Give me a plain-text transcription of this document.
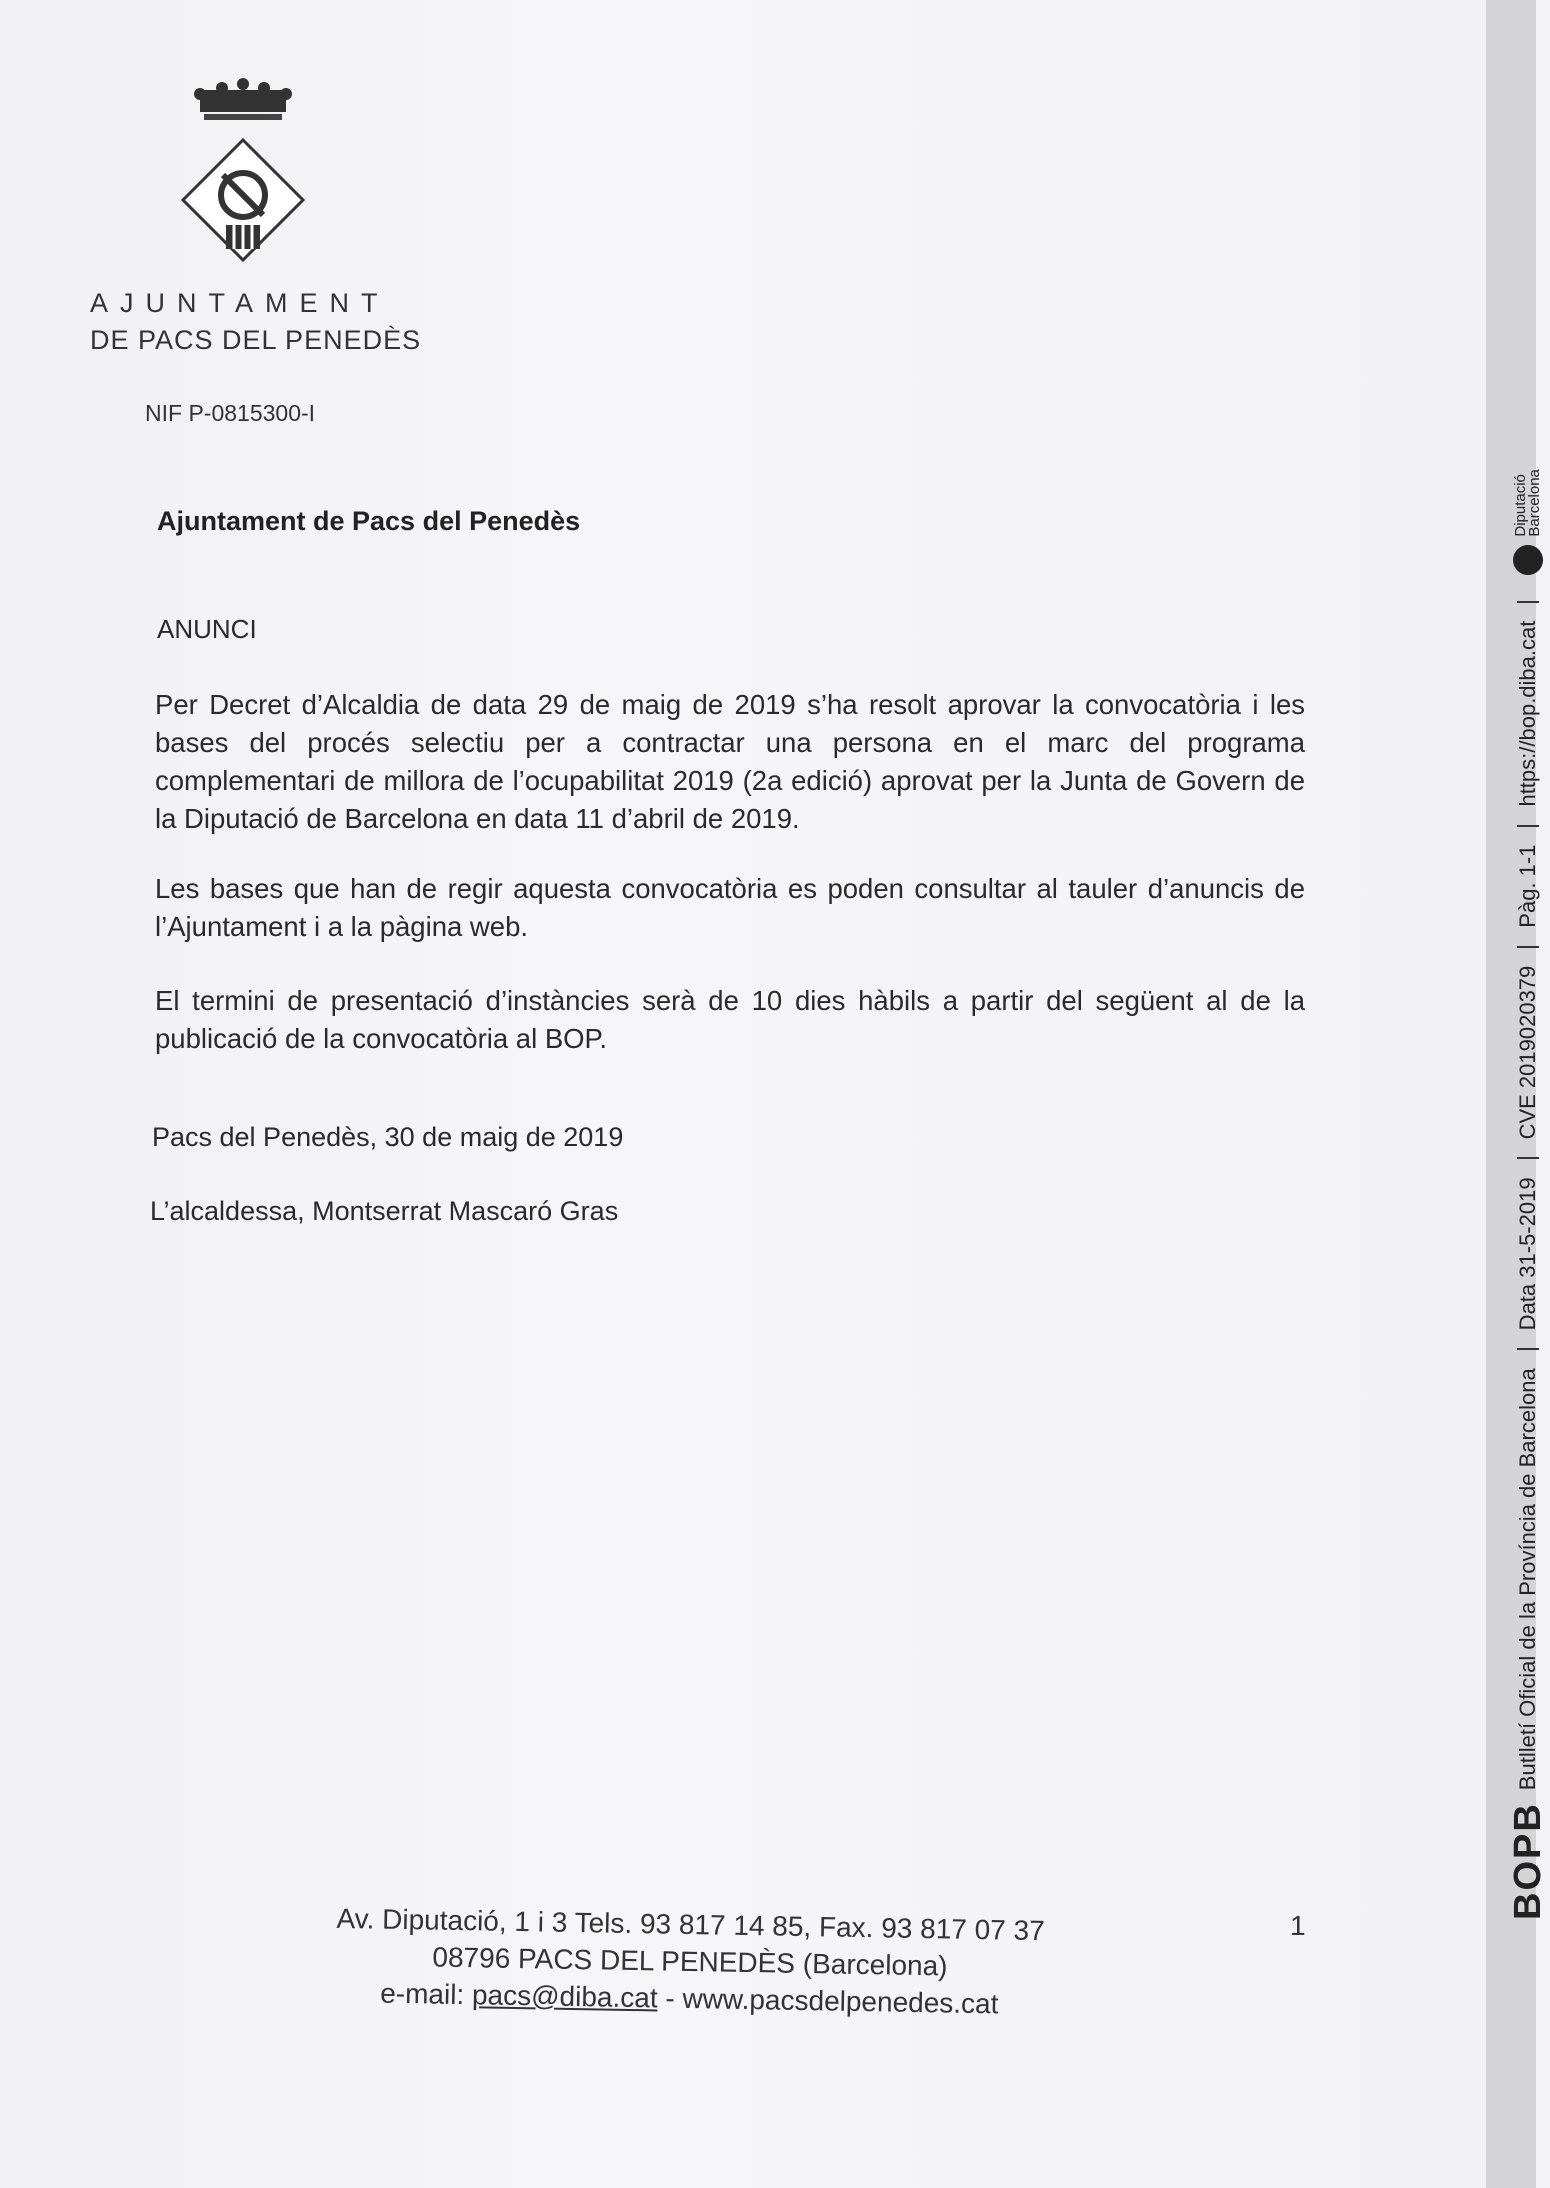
AJUNTAMENT
DE PACS DEL PENEDÈS
NIF P-0815300-I
Ajuntament de Pacs del Penedès
ANUNCI
Per Decret d’Alcaldia de data 29 de maig de 2019 s’ha resolt aprovar la convocatòria i les bases del procés selectiu per a contractar una persona en el marc del programa complementari de millora de l’ocupabilitat 2019 (2a edició) aprovat per la Junta de Govern de la Diputació de Barcelona en data 11 d’abril de 2019.
Les bases que han de regir aquesta convocatòria es poden consultar al tauler d’anuncis de l’Ajuntament i a la pàgina web.
El termini de presentació d’instàncies serà de 10 dies hàbils a partir del següent al de la publicació de la convocatòria al BOP.
Pacs del Penedès, 30 de maig de 2019
L’alcaldessa, Montserrat Mascaró Gras
Av. Diputació, 1 i 3 Tels. 93 817 14 85, Fax. 93 817 07 37
08796 PACS DEL PENEDÈS (Barcelona)
e-mail: pacs@diba.cat - www.pacsdelpenedes.cat
1
BOPB
Butlletí Oficial de la Província de Barcelona
Data 31-5-2019
CVE 2019020379
Pàg. 1-1
https://bop.diba.cat
Diputació
Barcelona
